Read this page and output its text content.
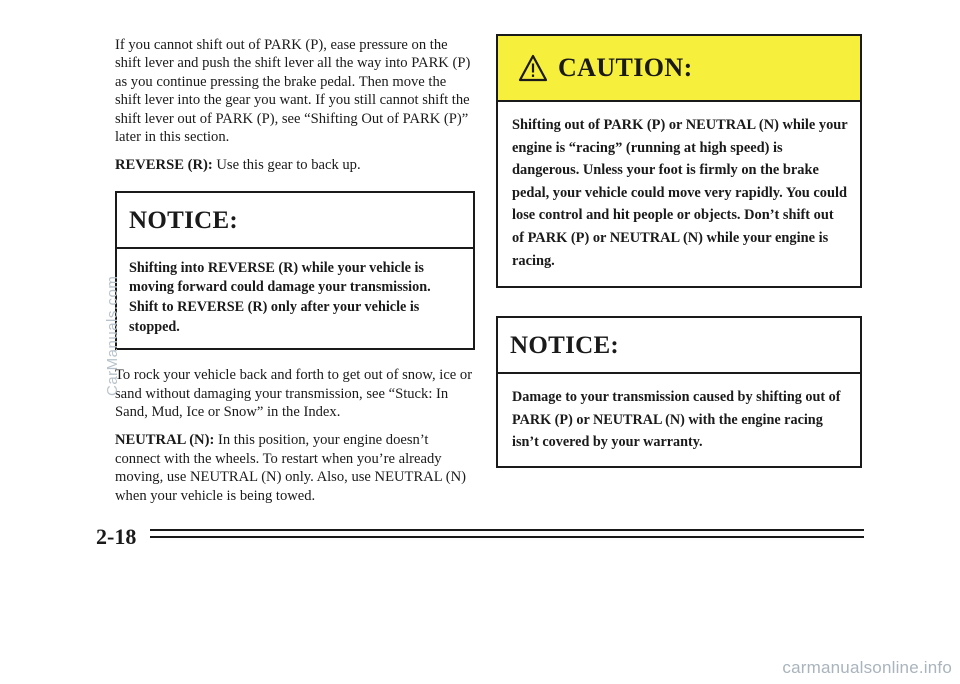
If you cannot shift out of PARK (P), ease pressure on the shift lever and push the shift lever all the way into PARK (P) as you continue pressing the brake pedal. Then move the shift lever into the gear you want. If you still cannot shift the shift lever out of PARK (P), see “Shifting Out of PARK (P)” later in this section.

REVERSE (R): Use this gear to back up.

NOTICE:
Shifting into REVERSE (R) while your vehicle is moving forward could damage your transmission. Shift to REVERSE (R) only after your vehicle is stopped.

To rock your vehicle back and forth to get out of snow, ice or sand without damaging your transmission, see “Stuck: In Sand, Mud, Ice or Snow” in the Index.

NEUTRAL (N): In this position, your engine doesn’t connect with the wheels. To restart when you’re already moving, use NEUTRAL (N) only. Also, use NEUTRAL (N) when your vehicle is being towed.

CAUTION:
Shifting out of PARK (P) or NEUTRAL (N) while your engine is “racing” (running at high speed) is dangerous. Unless your foot is firmly on the brake pedal, your vehicle could move very rapidly. You could lose control and hit people or objects. Don’t shift out of PARK (P) or NEUTRAL (N) while your engine is racing.
NOTICE:
Damage to your transmission caused by shifting out of PARK (P) or NEUTRAL (N) with the engine racing isn’t covered by your warranty.
2-18
CarManuals.com
carmanualsonline.info
